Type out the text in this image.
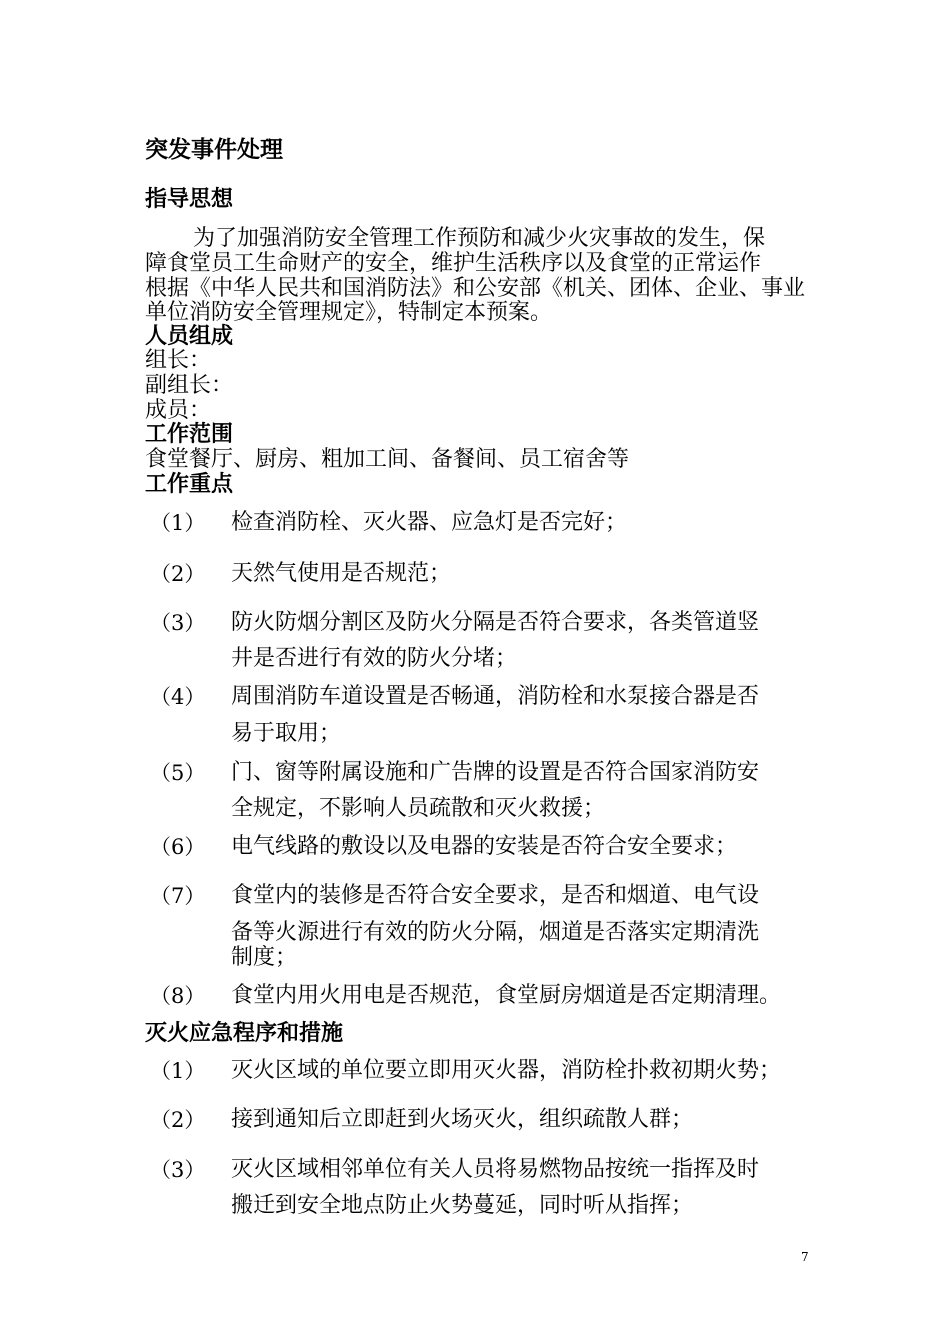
突发事件处理
指导思想
为了加强消防安全管理工作预防和减少火灾事故的发生，保
障食堂员工生命财产的安全，维护生活秩序以及食堂的正常运作
根据《中华人民共和国消防法》和公安部《机关、团体、企业、事业
单位消防安全管理规定》，特制定本预案。
人员组成
组长：
副组长：
成员：
工作范围
食堂餐厅、厨房、粗加工间、备餐间、员工宿舍等
工作重点
（1） 检查消防栓、灭火器、应急灯是否完好；
（2） 天然气使用是否规范；
（3） 防火防烟分割区及防火分隔是否符合要求，各类管道竖
井是否进行有效的防火分堵；
（4） 周围消防车道设置是否畅通，消防栓和水泵接合器是否
易于取用；
（5） 门、窗等附属设施和广告牌的设置是否符合国家消防安
全规定，不影响人员疏散和灭火救援；
（6） 电气线路的敷设以及电器的安装是否符合安全要求；
（7） 食堂内的装修是否符合安全要求，是否和烟道、电气设
备等火源进行有效的防火分隔，烟道是否落实定期清洗
制度；
（8） 食堂内用火用电是否规范，食堂厨房烟道是否定期清理。
灭火应急程序和措施
（1） 灭火区域的单位要立即用灭火器，消防栓扑救初期火势；
（2） 接到通知后立即赶到火场灭火，组织疏散人群；
（3） 灭火区域相邻单位有关人员将易燃物品按统一指挥及时
搬迁到安全地点防止火势蔓延，同时听从指挥；
7
